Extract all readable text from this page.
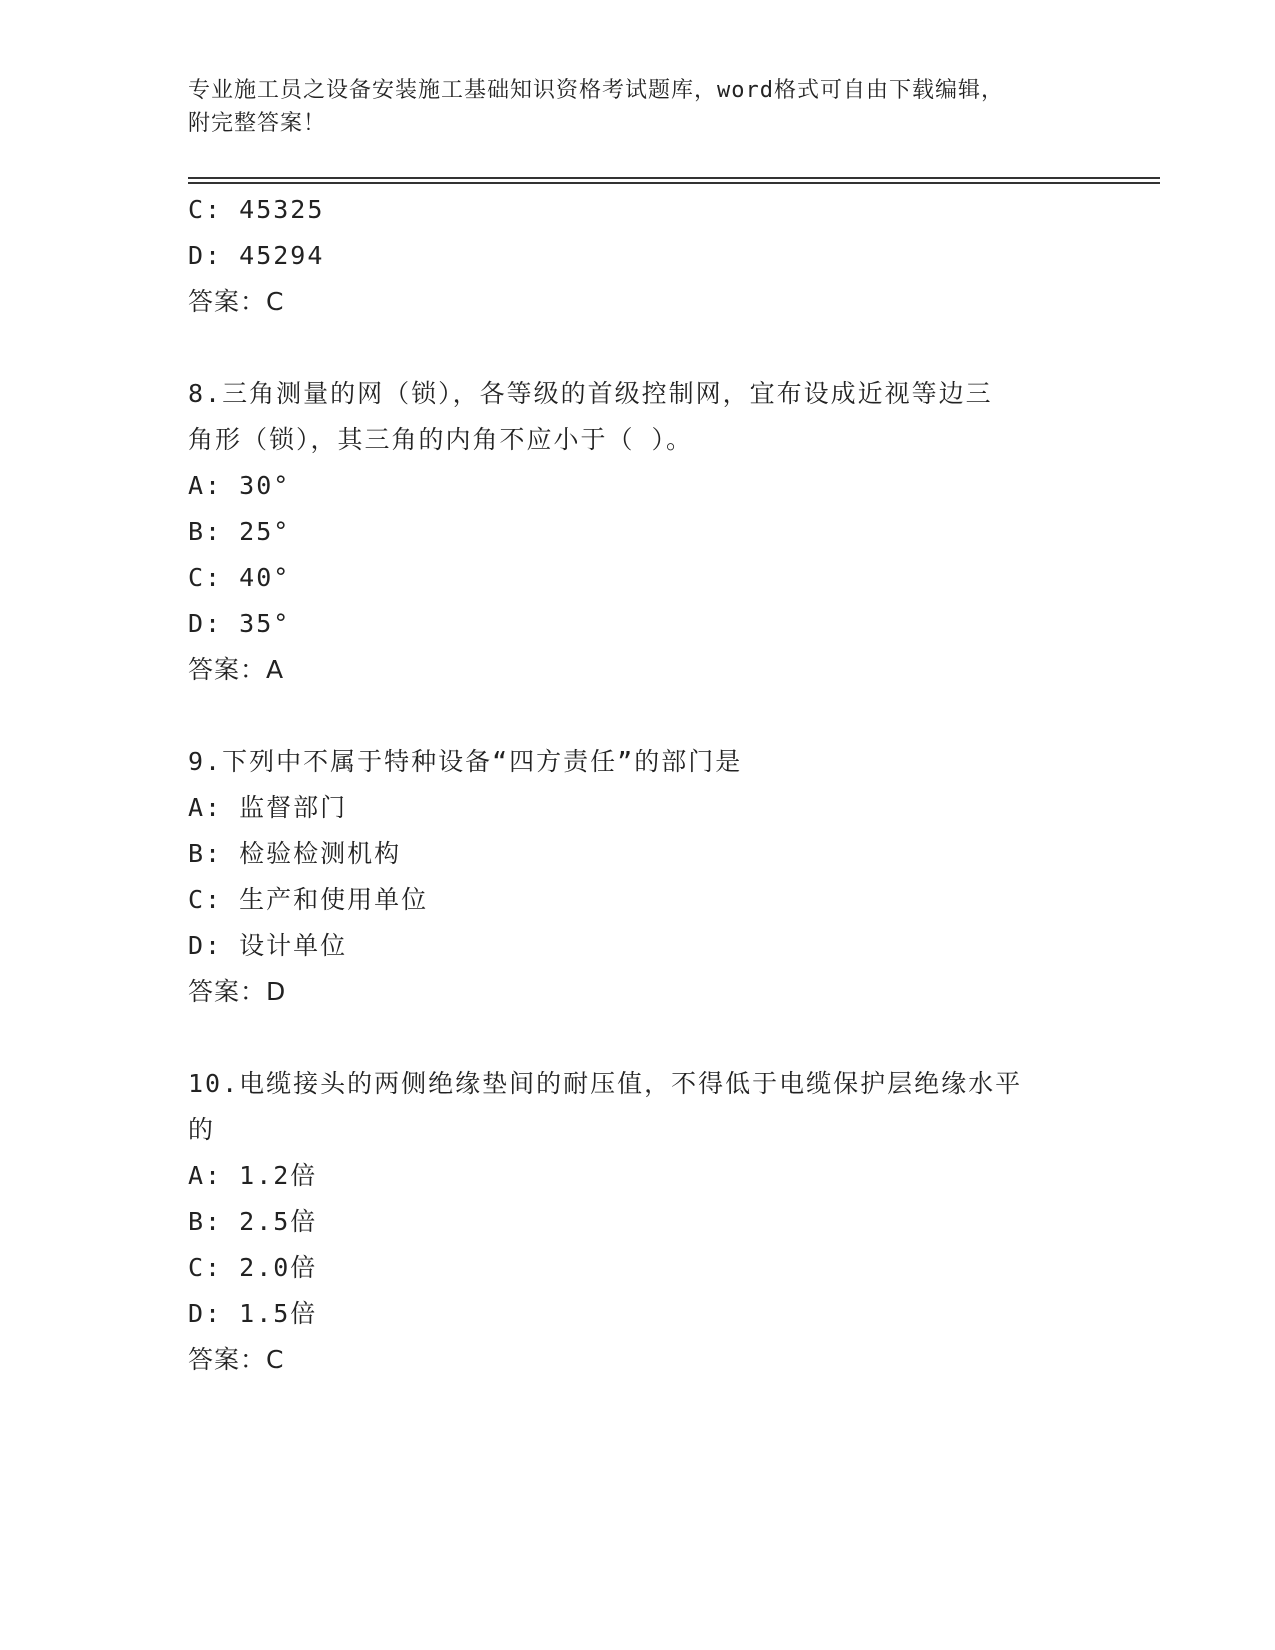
专业施工员之设备安装施工基础知识资格考试题库，word格式可自由下载编辑，
附完整答案！
C: 45325
D: 45294
答案：C
8.三角测量的网（锁），各等级的首级控制网，宜布设成近视等边三
角形（锁），其三角的内角不应小于（ ）。
A: 30°
B: 25°
C: 40°
D: 35°
答案：A
9.下列中不属于特种设备“四方责任”的部门是
A: 监督部门
B: 检验检测机构
C: 生产和使用单位
D: 设计单位
答案：D
10.电缆接头的两侧绝缘垫间的耐压值，不得低于电缆保护层绝缘水平
的
A: 1.2倍
B: 2.5倍
C: 2.0倍
D: 1.5倍
答案：C
